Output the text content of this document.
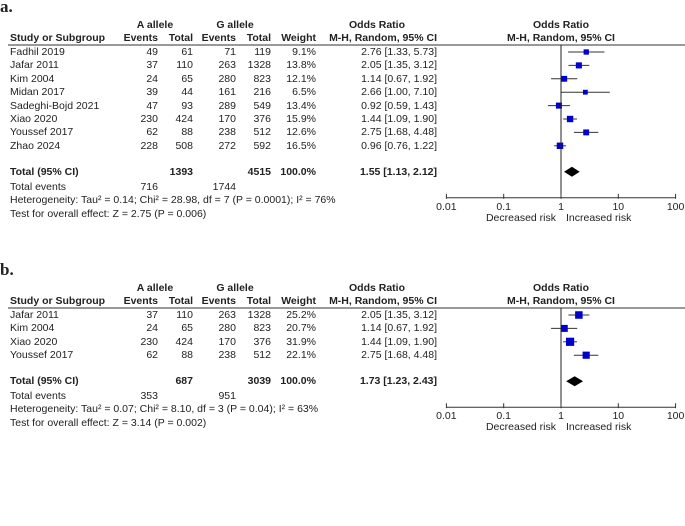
a.
A allele	G allele	Odds Ratio	Odds Ratio
Study or Subgroup Events Total Events Total Weight M-H, Random, 95% CI	M-H, Random, 95% CI
Fadhil 2019	49 61	71 119 9.1%	2.76 [1.33, 5.73]
Jafar 2011	37 110 263 1328 13.8%	2.05 [1.35, 3.12]
Kim 2004	24 65 280 823 12.1%	1.14 [0.67, 1.92]
Midan 2017	39 44 161 216 6.5%	2.66 [1.00, 7.10]
Sadeghi-Bojd 2021	47 93 289 549 13.4%	0.92 [0.59, 1.43]
Xiao 2020	230 424 170 376 15.9%	1.44 [1.09, 1.90]
Youssef 2017	62 88 238 512 12.6%	2.75 [1.68, 4.48]
Zhao 2024	228 508 272 592 16.5%	0.96 [0.76, 1.22]
Total (95% CI)	1393	4515 100.0%	1.55 [1.13, 2.12]
Total events	716	1744
Heterogeneity: Tau² = 0.14; Chi² = 28.98, df = 7 (P = 0.0001); I² = 76%
Test for overall effect: Z = 2.75 (P = 0.006)
0.01	0.1	1	10	100
Decreased risk Increased risk
b.
A allele	G allele	Odds Ratio	Odds Ratio
Study or Subgroup Events Total Events Total Weight M-H, Random, 95% CI	M-H, Random, 95% CI
Jafar 2011	37 110 263 1328 25.2%	2.05 [1.35, 3.12]
Kim 2004	24 65 280 823 20.7%	1.14 [0.67, 1.92]
Xiao 2020	230 424 170 376 31.9%	1.44 [1.09, 1.90]
Youssef 2017	62 88 238 512 22.1%	2.75 [1.68, 4.48]
Total (95% CI)	687	3039 100.0%	1.73 [1.23, 2.43]
Total events	353	951
Heterogeneity: Tau² = 0.07; Chi² = 8.10, df = 3 (P = 0.04); I² = 63%
Test for overall effect: Z = 3.14 (P = 0.002)
0.01	0.1	1	10	100
Decreased risk Increased risk
